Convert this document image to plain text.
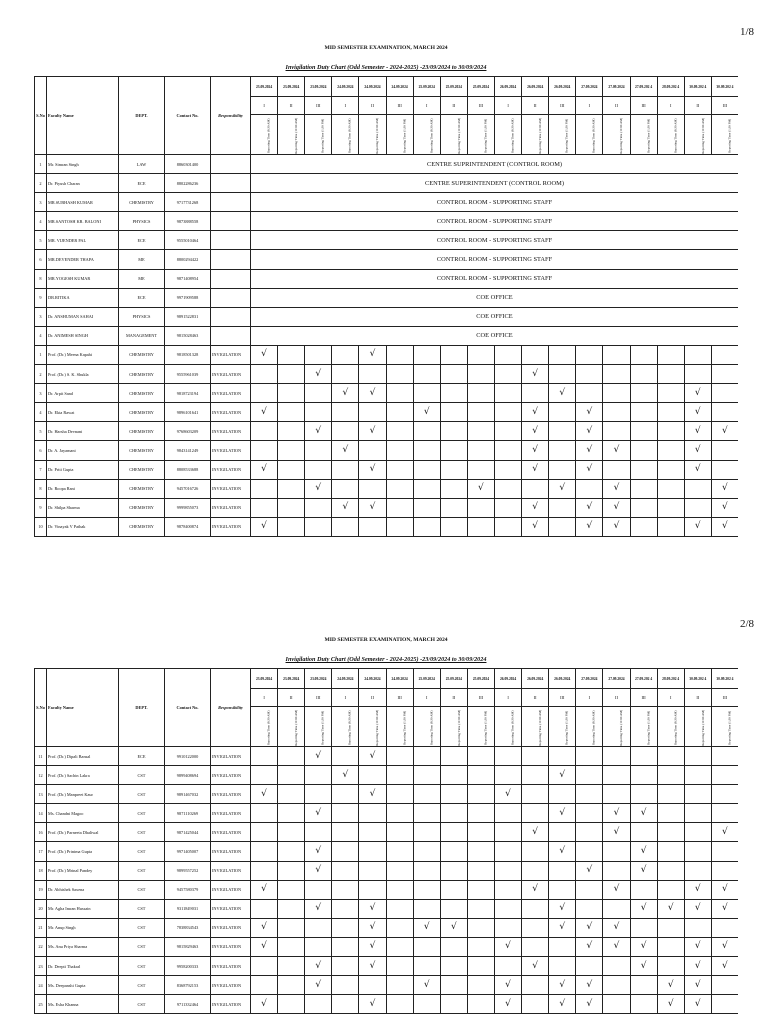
1/8
MID SEMESTER EXAMINATION, MARCH 2024
Invigilation Duty Chart (Odd Semester - 2024-2025) -23/09/2024 to 30/09/2024
S.No	Faculty Name	DEPT.	Contact No.	Responsibility	23.09.2024	23.09.2024	23.09.2024	24.09.2024	24.09.2024	24.09.2024	25.09.2024	25.09.2024	25.09.2024	26.09.2024	26.09.2024	26.09.2024	27.09.2024	27.09.2024	27.09.202 4	28.09.202 4	30.09.202 4	30.09.202 4
					I	II	III	I	II	III	I	II	III	I	II	III	I	II	III	I	II	III
					Reporting Time (8:30 AM)	Reporting Time (11:00 AM)	Reporting Time (1:30 PM)	Reporting Time (8:30 AM)	Reporting Time (11:00 AM)	Reporting Time (1:30 PM)	Reporting Time (8:30 AM)	Reporting Time (11:00 AM)	Reporting Time (1:30 PM)	Reporting Time (8:30 AM)	Reporting Time (11:00 AM)	Reporting Time (1:30 PM)	Reporting Time (8:30 AM)	Reporting Time (11:00 AM)	Reporting Time (1:30 PM)	Reporting Time (8:30 AM)	Reporting Time (11:00 AM)	Reporting Time (1:30 PM)
1	Mr. Simran Singh	LAW	8860301400		CENTRE SUPRINTENDENT (CONTROL ROOM)																	
2	Dr. Piyush Charan	ECE	8802286236		CENTRE SUPERINTENDENT (CONTROL ROOM)																	
3	MR.SUBHASH KUMAR	CHEMISTRY	9717731268		CONTROL ROOM - SUPPORTING STAFF																	
4	MR.SANTOSH KR. BALONI	PHYSICS	9873888558		CONTROL ROOM - SUPPORTING STAFF																	
5	MR. VIJENDER PAL	ECE	9555010464		CONTROL ROOM - SUPPORTING STAFF																	
6	MR.DEVENDER THAPA	ME	8800294422		CONTROL ROOM - SUPPORTING STAFF																	
8	MR.YOGESH KUMAR	ME	9871408954		CONTROL ROOM - SUPPORTING STAFF																	
9	DR.RITIKA	ECE	9971909588		COE OFFICE																	
3	Dr. ANSHUMAN SAHAI	PHYSICS	9891522831		COE OFFICE																	
4	Dr. ANIMESH SINGH	MANAGEMENT	9815028463		COE OFFICE																	
1	Prof. (Dr.) Meena Kapahi	CHEMISTRY	9818501328	INVIGILATION	√				√													
2	Prof. (Dr.) S. K. Shukla	CHEMISTRY	9555961039	INVIGILATION			√								√							
3	Dr. Arpit Sand	CHEMISTRY	9818723194	INVIGILATION				√	√							√					√	
4	Dr. Ekta Rawat	CHEMISTRY	9896101641	INVIGILATION	√						√				√		√				√	
5	Dr. Harsha Devnani	CHEMISTRY	9768603209	INVIGILATION			√		√						√		√				√	√
6	Dr. A. Jayamani	CHEMISTRY	9843141249	INVIGILATION				√							√		√	√			√	
7	Dr. Priti Gupta	CHEMISTRY	8808533688	INVIGILATION	√				√						√		√				√	
8	Dr. Roopa Rani	CHEMISTRY	9457016726	INVIGILATION			√						√			√		√				√
9	Dr. Shilpa Sharma	CHEMISTRY	9999855073	INVIGILATION				√	√						√		√	√				√
10	Dr. Vinayak V Pathak	CHEMISTRY	9878400874	INVIGILATION	√										√		√	√			√	√
2/8
MID SEMESTER EXAMINATION, MARCH 2024
Invigilation Duty Chart (Odd Semester - 2024-2025) -23/09/2024 to 30/09/2024
S.No	Faculty Name	DEPT.	Contact No.	Responsibility	23.09.2024	23.09.2024	23.09.2024	24.09.2024	24.09.2024	24.09.2024	25.09.2024	25.09.2024	25.09.2024	26.09.2024	26.09.2024	26.09.2024	27.09.2024	27.09.2024	27.09.202 4	28.09.202 4	30.09.202 4	30.09.202 4
					I	II	III	I	II	III	I	II	III	I	II	III	I	II	III	I	II	III
					Reporting Time (8:30 AM)	Reporting Time (11:00 AM)	Reporting Time (1:30 PM)	Reporting Time (8:30 AM)	Reporting Time (11:00 AM)	Reporting Time (1:30 PM)	Reporting Time (8:30 AM)	Reporting Time (11:00 AM)	Reporting Time (1:30 PM)	Reporting Time (8:30 AM)	Reporting Time (11:00 AM)	Reporting Time (1:30 PM)	Reporting Time (8:30 AM)	Reporting Time (11:00 AM)	Reporting Time (1:30 PM)	Reporting Time (8:30 AM)	Reporting Time (11:00 AM)	Reporting Time (1:30 PM)
11	Prof. (Dr.) Dipali Bansal	ECE	9910122000	INVIGILATION			√		√													
12	Prof. (Dr.) Sachin Lakra	CST	9899408694	INVIGILATION				√								√						
13	Prof. (Dr.) Manpreet Kaur	CST	9891467032	INVIGILATION	√				√					√								
14	Ms. Chandni Magoo	CST	9871110269	INVIGILATION			√									√		√	√			
16	Prof. (Dr.) Parneeta Dhaliwal	CST	9871425044	INVIGILATION											√			√				√
17	Prof. (Dr.) Prinima Gupta	CST	9971405007	INVIGILATION			√									√			√			
18	Prof. (Dr.) Mrinal Pandey	CST	9899557252	INVIGILATION			√										√		√			
19	Dr. Abhishek Saxena	CST	9457580379	INVIGILATION	√										√			√			√	√
20	Mr. Agha Imran Hussain	CST	9311849031	INVIGILATION			√		√							√			√	√	√	√
21	Mr. Anup Singh	CST	7838834543	INVIGILATION	√				√		√	√				√	√	√				
22	Ms. Anu Priya Sharma	CST	9815829463	INVIGILATION	√				√					√			√	√	√		√	√
23	Dr. Deepti Thakral	CST	9958200333	INVIGILATION			√		√						√				√		√	√
24	Ms. Deepanshi Gupta	CST	8368792153	INVIGILATION			√				√			√		√	√			√	√	
25	Ms. Esha Khanna	CST	9711332464	INVIGILATION	√				√					√		√	√			√	√	
